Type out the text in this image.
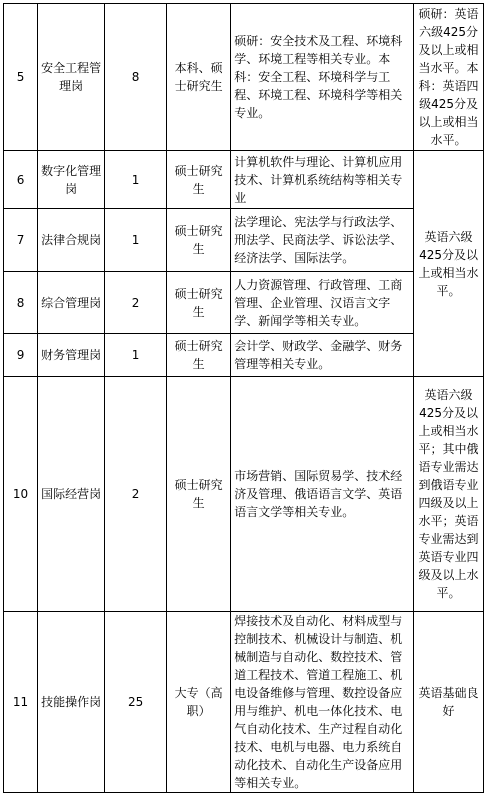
5	安全工程管理岗	8	本科、硕士研究生	硕研：安全技术及工程、环境科学、环境工程等相关专业。本科：安全工程、环境科学与工程、环境工程、环境科学等相关专业。	硕研：英语六级425分及以上或相当水平。本科：英语四级425分及以上或相当水平。
6	数字化管理岗	1	硕士研究生	计算机软件与理论、计算机应用技术、计算机系统结构等相关专业	英语六级425分及以上或相当水平。
7	法律合规岗	1	硕士研究生	法学理论、宪法学与行政法学、刑法学、民商法学、诉讼法学、经济法学、国际法学。	
8	综合管理岗	2	硕士研究生	人力资源管理、行政管理、工商管理、企业管理、汉语言文字学、新闻学等相关专业。	
9	财务管理岗	1	硕士研究生	会计学、财政学、金融学、财务管理等相关专业。	
10	国际经营岗	2	硕士研究生	市场营销、国际贸易学、技术经济及管理、俄语语言文学、英语语言文学等相关专业。	英语六级425分及以上或相当水平；其中俄语专业需达到俄语专业四级及以上水平；英语专业需达到英语专业四级及以上水平。
11	技能操作岗	25	大专（高职）	焊接技术及自动化、材料成型与控制技术、机械设计与制造、机械制造与自动化、数控技术、管道工程技术、管道工程施工、机电设备维修与管理、数控设备应用与维护、机电一体化技术、电气自动化技术、生产过程自动化技术、电机与电器、电力系统自动化技术、自动化生产设备应用等相关专业。	英语基础良好
